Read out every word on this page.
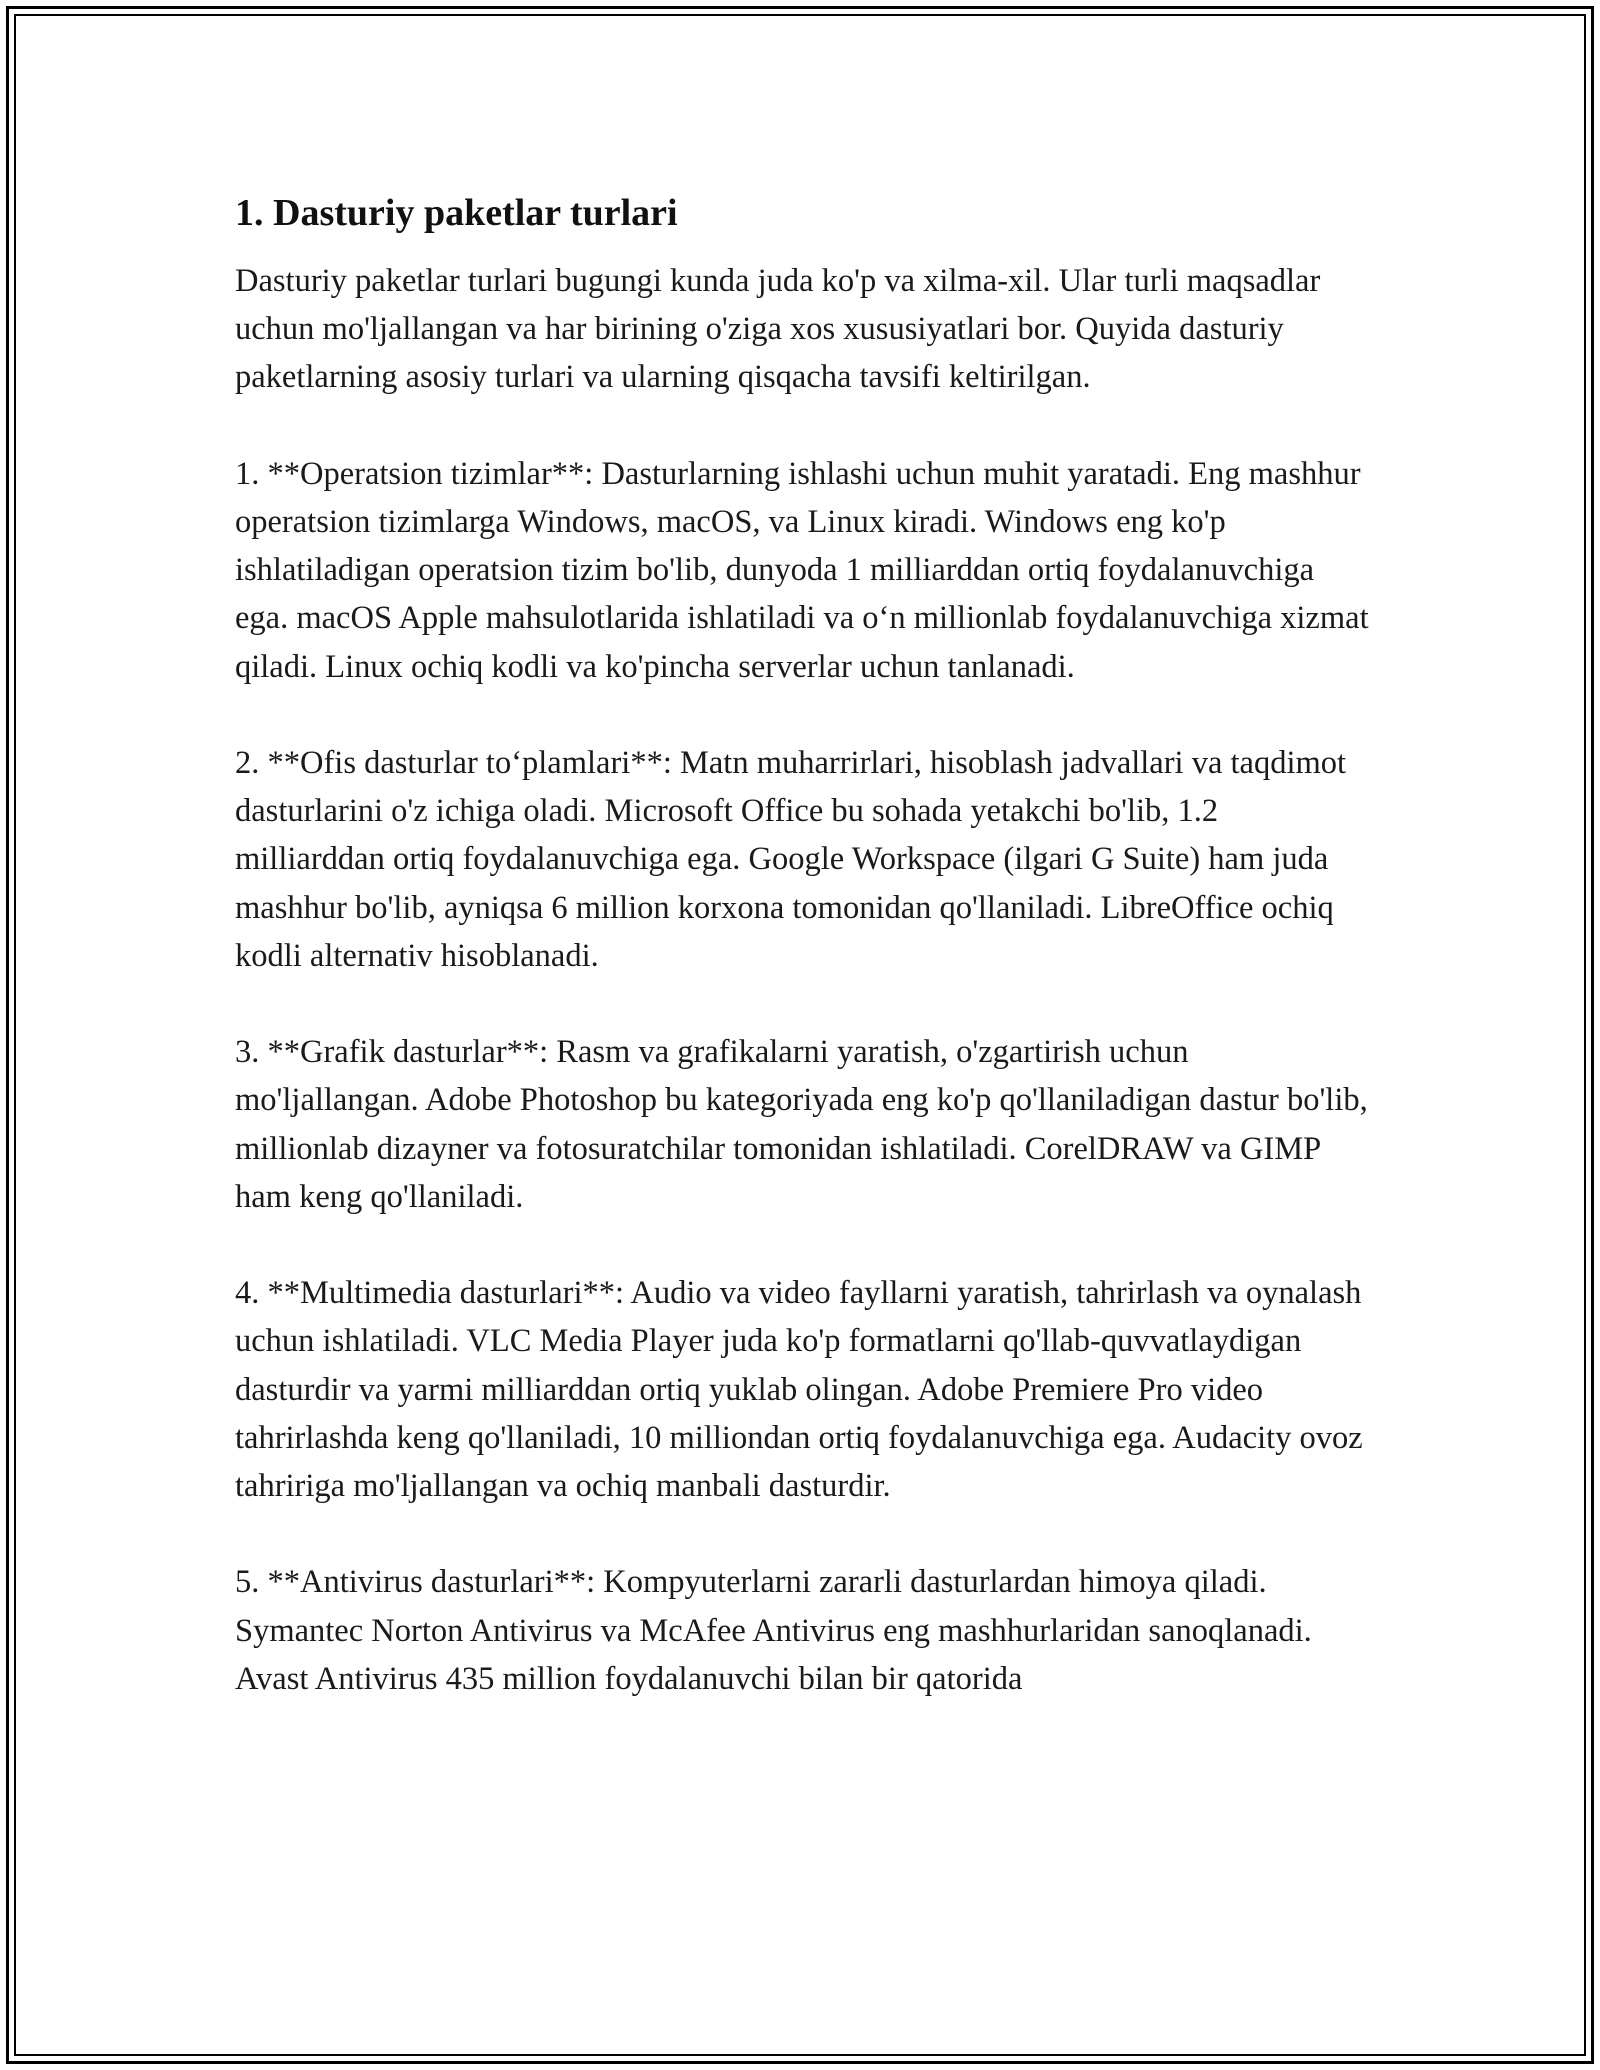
1. Dasturiy paketlar turlari

Dasturiy paketlar turlari bugungi kunda juda ko'p va xilma-xil. Ular turli maqsadlar uchun mo'ljallangan va har birining o'ziga xos xususiyatlari bor. Quyida dasturiy paketlarning asosiy turlari va ularning qisqacha tavsifi keltirilgan.

1. **Operatsion tizimlar**: Dasturlarning ishlashi uchun muhit yaratadi. Eng mashhur operatsion tizimlarga Windows, macOS, va Linux kiradi. Windows eng ko'p ishlatiladigan operatsion tizim bo'lib, dunyoda 1 milliarddan ortiq foydalanuvchiga ega. macOS Apple mahsulotlarida ishlatiladi va o‘n millionlab foydalanuvchiga xizmat qiladi. Linux ochiq kodli va ko'pincha serverlar uchun tanlanadi.

2. **Ofis dasturlar to‘plamlari**: Matn muharrirlari, hisoblash jadvallari va taqdimot dasturlarini o'z ichiga oladi. Microsoft Office bu sohada yetakchi bo'lib, 1.2 milliarddan ortiq foydalanuvchiga ega. Google Workspace (ilgari G Suite) ham juda mashhur bo'lib, ayniqsa 6 million korxona tomonidan qo'llaniladi. LibreOffice ochiq kodli alternativ hisoblanadi.

3. **Grafik dasturlar**: Rasm va grafikalarni yaratish, o'zgartirish uchun mo'ljallangan. Adobe Photoshop bu kategoriyada eng ko'p qo'llaniladigan dastur bo'lib, millionlab dizayner va fotosuratchilar tomonidan ishlatiladi. CorelDRAW va GIMP ham keng qo'llaniladi.

4. **Multimedia dasturlari**: Audio va video fayllarni yaratish, tahrirlash va oynalash uchun ishlatiladi. VLC Media Player juda ko'p formatlarni qo'llab-quvvatlaydigan dasturdir va yarmi milliarddan ortiq yuklab olingan. Adobe Premiere Pro video tahrirlashda keng qo'llaniladi, 10 milliondan ortiq foydalanuvchiga ega. Audacity ovoz tahririga mo'ljallangan va ochiq manbali dasturdir.

5. **Antivirus dasturlari**: Kompyuterlarni zararli dasturlardan himoya qiladi. Symantec Norton Antivirus va McAfee Antivirus eng mashhurlaridan sanoqlanadi. Avast Antivirus 435 million foydalanuvchi bilan bir qatorida
